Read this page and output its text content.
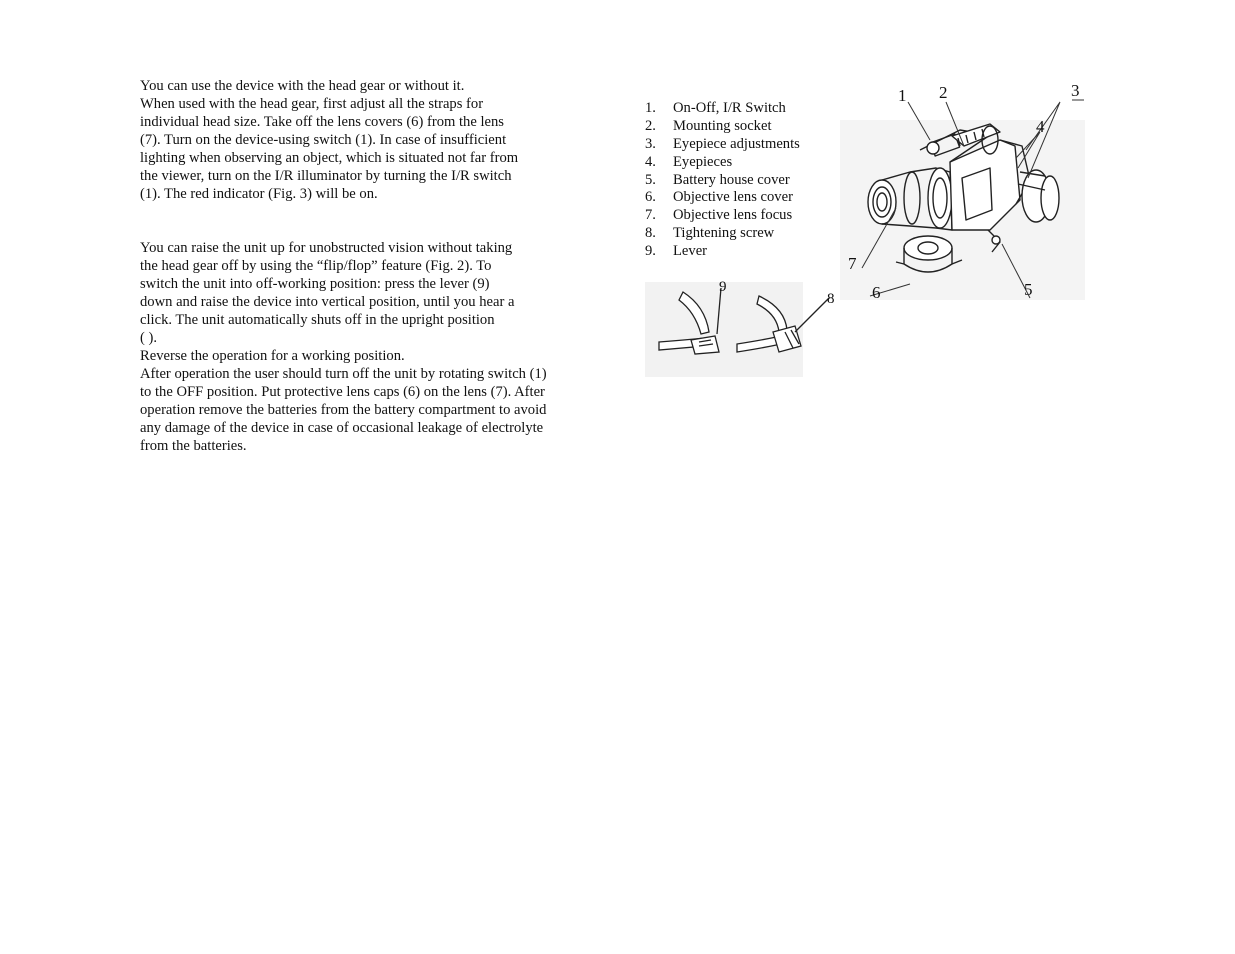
You can use the device with the head gear or without it.
When used with the head gear, first adjust all the straps for
individual head size. Take off the lens covers (6) from the lens
(7). Turn on the device-using switch (1). In case of insufficient
lighting when observing an object, which is situated not far from
the viewer, turn on the I/R illuminator by turning the I/R switch
(1). The red indicator (Fig. 3) will be on.
You can raise the unit up for unobstructed vision without taking
the head gear off by using the “flip/flop” feature (Fig. 2). To
switch the unit into off-working position: press the lever (9)
down and raise the device into vertical position, until you hear a
click. The unit automatically shuts off in the upright position
( ).
Reverse the operation for a working position.
After operation the user should turn off the unit by rotating switch (1)
to the OFF position. Put protective lens caps (6) on the lens (7). After
operation remove the batteries from the battery compartment to avoid
any damage of the device in case of occasional leakage of electrolyte
from the batteries.
1. On-Off, I/R Switch
2. Mounting socket
3. Eyepiece adjustments
4. Eyepieces
5. Battery house cover
6. Objective lens cover
7. Objective lens focus
8. Tightening screw
9. Lever
1 2	3
4
5
6
7
9
8
